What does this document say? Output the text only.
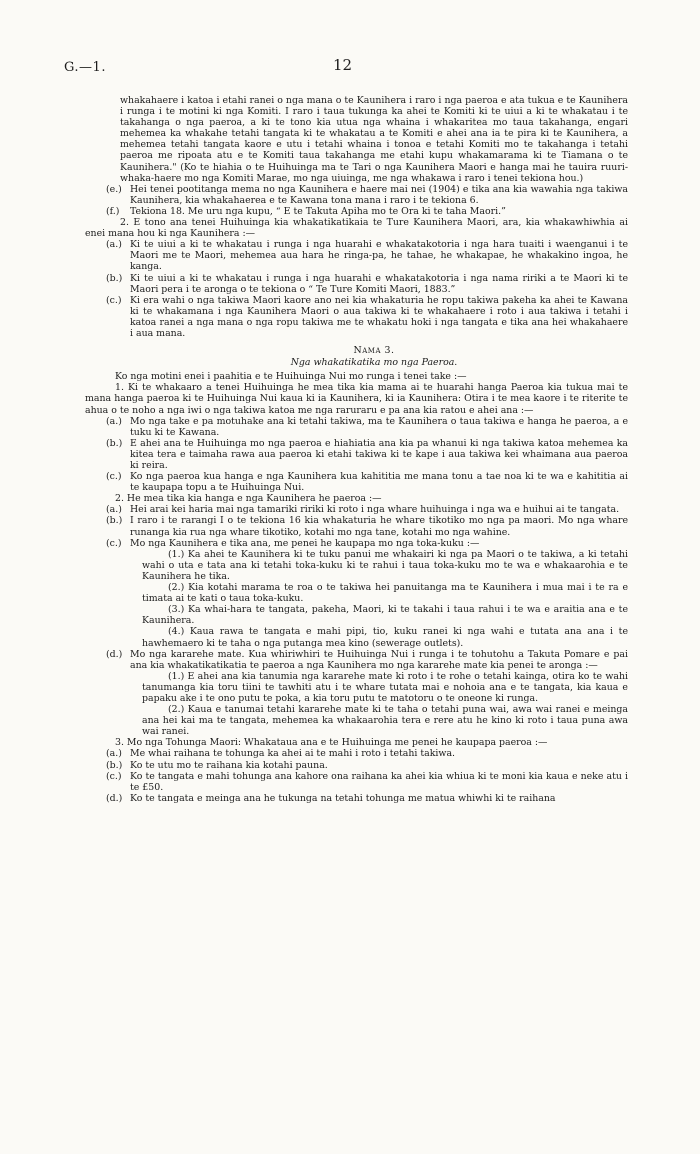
G.—1.	12

whakahaere i katoa i etahi ranei o nga mana o te Kaunihera i raro i nga paeroa e ata tukua e te Kaunihera i runga i te motini ki nga Komiti. I raro i taua tukunga ka ahei te Komiti ki te uiui a ki te whakatau i te takahanga o nga paeroa, a ki te tono kia utua nga whaina i whakaritea mo taua takahanga, engari mehemea ka whakahe tetahi tangata ki te whakatau a te Komiti e ahei ana ia te pira ki te Kaunihera, a mehemea tetahi tangata kaore e utu i tetahi whaina i tonoa e tetahi Komiti mo te takahanga i tetahi paeroa me ripoata atu e te Komiti taua takahanga me etahi kupu whakamarama ki te Tiamana o te Kaunihera." (Ko te hiahia o te Huihuinga ma te Tari o nga Kaunihera Maori e hanga mai he tauira ruuri-whaka-haere mo nga Komiti Marae, mo nga uiuinga, me nga whakawa i raro i tenei tekiona hou.)

(e.) Hei tenei pootitanga mema no nga Kaunihera e haere mai nei (1904) e tika ana kia wawahia nga takiwa Kaunihera, kia whakahaerea e te Kawana tona mana i raro i te tekiona 6.

(f.) Tekiona 18. Me uru nga kupu, “ E te Takuta Apiha mo te Ora ki te taha Maori.”

2. E tono ana tenei Huihuinga kia whakatikatikaia te Ture Kaunihera Maori, ara, kia whakawhiwhia ai enei mana hou ki nga Kaunihera :—

(a.) Ki te uiui a ki te whakatau i runga i nga huarahi e whakatakotoria i nga hara tuaiti i waenganui i te Maori me te Maori, mehemea aua hara he ringa-pa, he tahae, he whakapae, he whakakino ingoa, he kanga.

(b.) Ki te uiui a ki te whakatau i runga i nga huarahi e whakatakotoria i nga nama ririki a te Maori ki te Maori pera i te aronga o te tekiona o “ Te Ture Komiti Maori, 1883.”

(c.) Ki era wahi o nga takiwa Maori kaore ano nei kia whakaturia he ropu takiwa pakeha ka ahei te Kawana ki te whakamana i nga Kaunihera Maori o aua takiwa ki te whakahaere i roto i aua takiwa i tetahi i katoa ranei a nga mana o nga ropu takiwa me te whakatu hoki i nga tangata e tika ana hei whakahaere i aua mana.

Nama 3.

Nga whakatikatika mo nga Paeroa.

Ko nga motini enei i paahitia e te Huihuinga Nui mo runga i tenei take :—

1. Ki te whakaaro a tenei Huihuinga he mea tika kia mama ai te huarahi hanga Paeroa kia tukua mai te mana hanga paeroa ki te Huihuinga Nui kaua ki ia Kaunihera, ki ia Kaunihera: Otira i te mea kaore i te riterite te ahua o te noho a nga iwi o nga takiwa katoa me nga raruraru e pa ana kia ratou e ahei ana :—

(a.) Mo nga take e pa motuhake ana ki tetahi takiwa, ma te Kaunihera o taua takiwa e hanga he paeroa, a e tuku ki te Kawana.

(b.) E ahei ana te Huihuinga mo nga paeroa e hiahiatia ana kia pa whanui ki nga takiwa katoa mehemea ka kitea tera e taimaha rawa aua paeroa ki etahi takiwa ki te kape i aua takiwa kei whaimana aua paeroa ki reira.

(c.) Ko nga paeroa kua hanga e nga Kaunihera kua kahititia me mana tonu a tae noa ki te wa e kahititia ai te kaupapa topu a te Huihuinga Nui.

2. He mea tika kia hanga e nga Kaunihera he paeroa :—

(a.) Hei arai kei haria mai nga tamariki ririki ki roto i nga whare huihuinga i nga wa e huihui ai te tangata.

(b.) I raro i te rarangi I o te tekiona 16 kia whakaturia he whare tikotiko mo nga pa maori. Mo nga whare runanga kia rua nga whare tikotiko, kotahi mo nga tane, kotahi mo nga wahine.

(c.) Mo nga Kaunihera e tika ana, me penei he kaupapa mo nga toka-kuku :—

(1.) Ka ahei te Kaunihera ki te tuku panui me whakairi ki nga pa Maori o te takiwa, a ki tetahi wahi o uta e tata ana ki tetahi toka-kuku ki te rahui i taua toka-kuku mo te wa e whakaarohia e te Kaunihera he tika.

(2.) Kia kotahi marama te roa o te takiwa hei panuitanga ma te Kaunihera i mua mai i te ra e timata ai te kati o taua toka-kuku.

(3.) Ka whai-hara te tangata, pakeha, Maori, ki te takahi i taua rahui i te wa e araitia ana e te Kaunihera.

(4.) Kaua rawa te tangata e mahi pipi, tio, kuku ranei ki nga wahi e tutata ana ana i te hawhemaero ki te taha o nga putanga mea kino (sewerage outlets).

(d.) Mo nga kararehe mate. Kua whiriwhiri te Huihuinga Nui i runga i te tohutohu a Takuta Pomare e pai ana kia whakatikatikatia te paeroa a nga Kaunihera mo nga kararehe mate kia penei te aronga :—

(1.) E ahei ana kia tanumia nga kararehe mate ki roto i te rohe o tetahi kainga, otira ko te wahi tanumanga kia toru tiini te tawhiti atu i te whare tutata mai e nohoia ana e te tangata, kia kaua e papaku ake i te ono putu te poka, a kia toru putu te matotoru o te oneone ki runga.

(2.) Kaua e tanumai tetahi kararehe mate ki te taha o tetahi puna wai, awa wai ranei e meinga ana hei kai ma te tangata, mehemea ka whakaarohia tera e rere atu he kino ki roto i taua puna awa wai ranei.

3. Mo nga Tohunga Maori: Whakataua ana e te Huihuinga me penei he kaupapa paeroa :—

(a.) Me whai raihana te tohunga ka ahei ai te mahi i roto i tetahi takiwa.

(b.) Ko te utu mo te raihana kia kotahi pauna.

(c.) Ko te tangata e mahi tohunga ana kahore ona raihana ka ahei kia whiua ki te moni kia kaua e neke atu i te £50.

(d.) Ko te tangata e meinga ana he tukunga na tetahi tohunga me matua whiwhi ki te raihana
